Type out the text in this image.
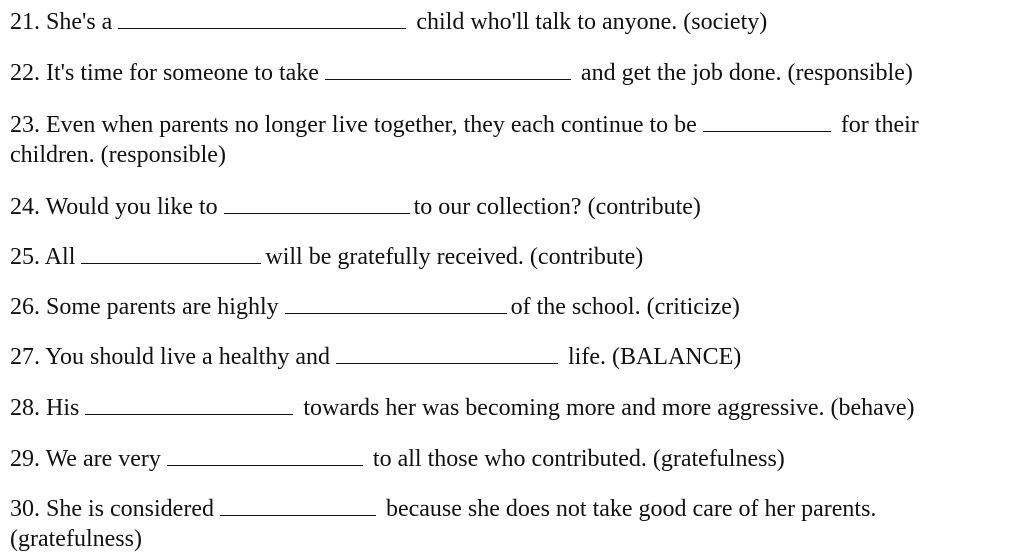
21. She's a	child who'll talk to anyone. (society)
22. It's time for someone to take	and get the job done. (responsible)
23. Even when parents no longer live together, they each continue to be	for their children. (responsible)
24. Would you like to	to our collection? (contribute)
25. All	will be gratefully received. (contribute)
26. Some parents are highly	of the school. (criticize)
27. You should live a healthy and	life. (BALANCE)
28. His	towards her was becoming more and more aggressive. (behave)
29. We are very	to all those who contributed. (gratefulness)
30. She is considered	because she does not take good care of her parents. (gratefulness)
